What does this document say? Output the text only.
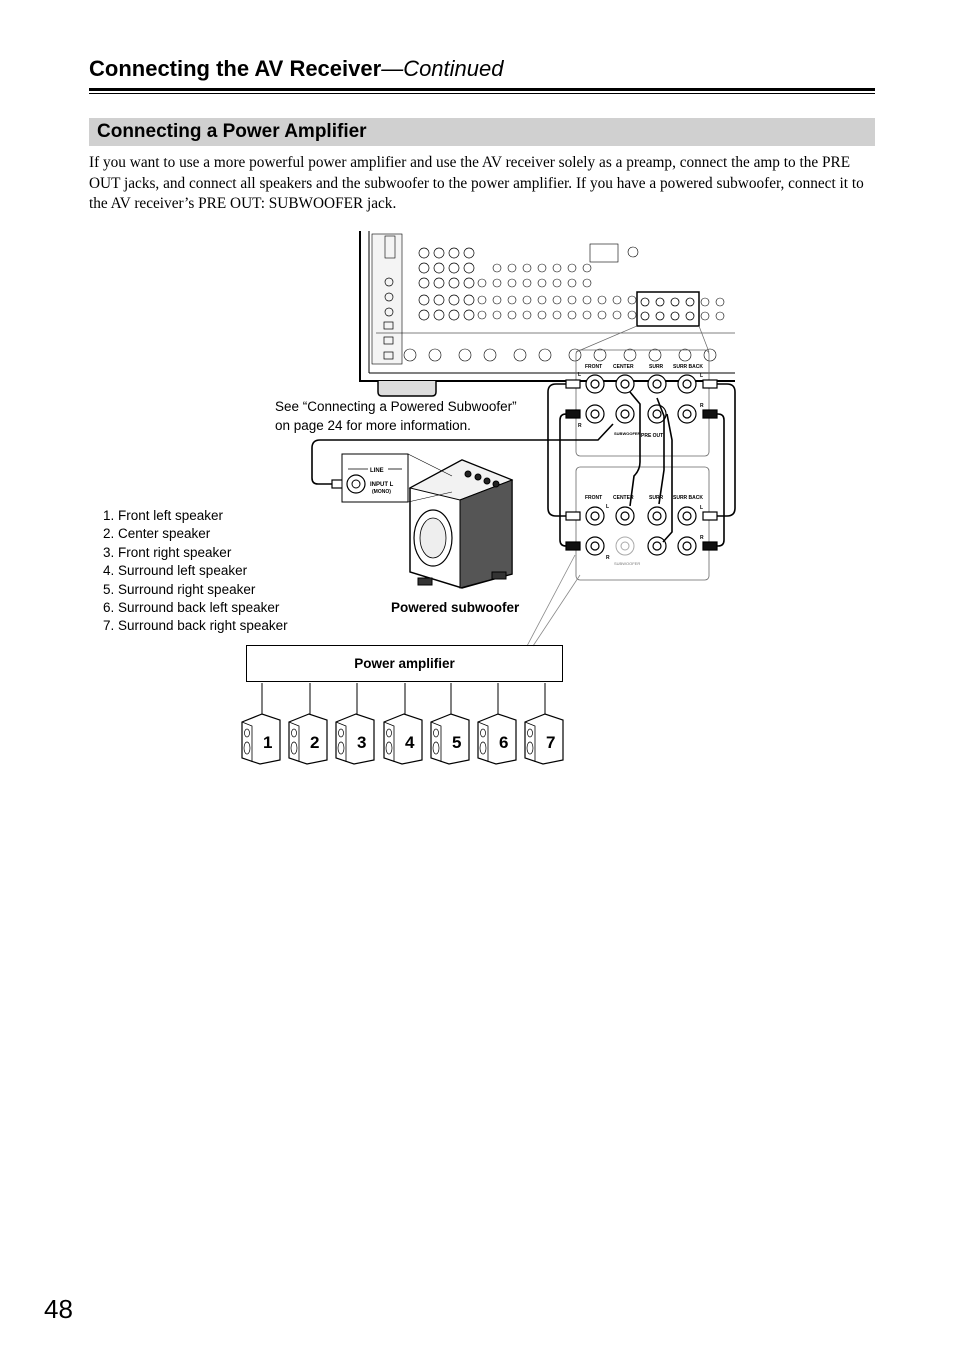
Connecting the AV Receiver—Continued
Connecting a Power Amplifier
If you want to use a more powerful power amplifier and use the AV receiver solely as a preamp, connect the amp to the PRE OUT jacks, and connect all speakers and the subwoofer to the power amplifier. If you have a powered subwoofer, connect it to the AV receiver’s PRE OUT: SUBWOOFER jack.
FRONT CENTER	SURR SURR BACK
L
R
L
R
SUBWOOFER PRE OUT
FRONT CENTER	SURR SURR BACK
L	L
R
R
SUBWOOFER
LINE
INPUT L
(MONO)
1 2 3 4 5 6 7
See “Connecting a Powered Subwoofer”
on page 24 for more information.
1. Front left speaker
2. Center speaker
3. Front right speaker
4. Surround left speaker
5. Surround right speaker
6. Surround back left speaker
7. Surround back right speaker
Powered subwoofer
Power amplifier
48
